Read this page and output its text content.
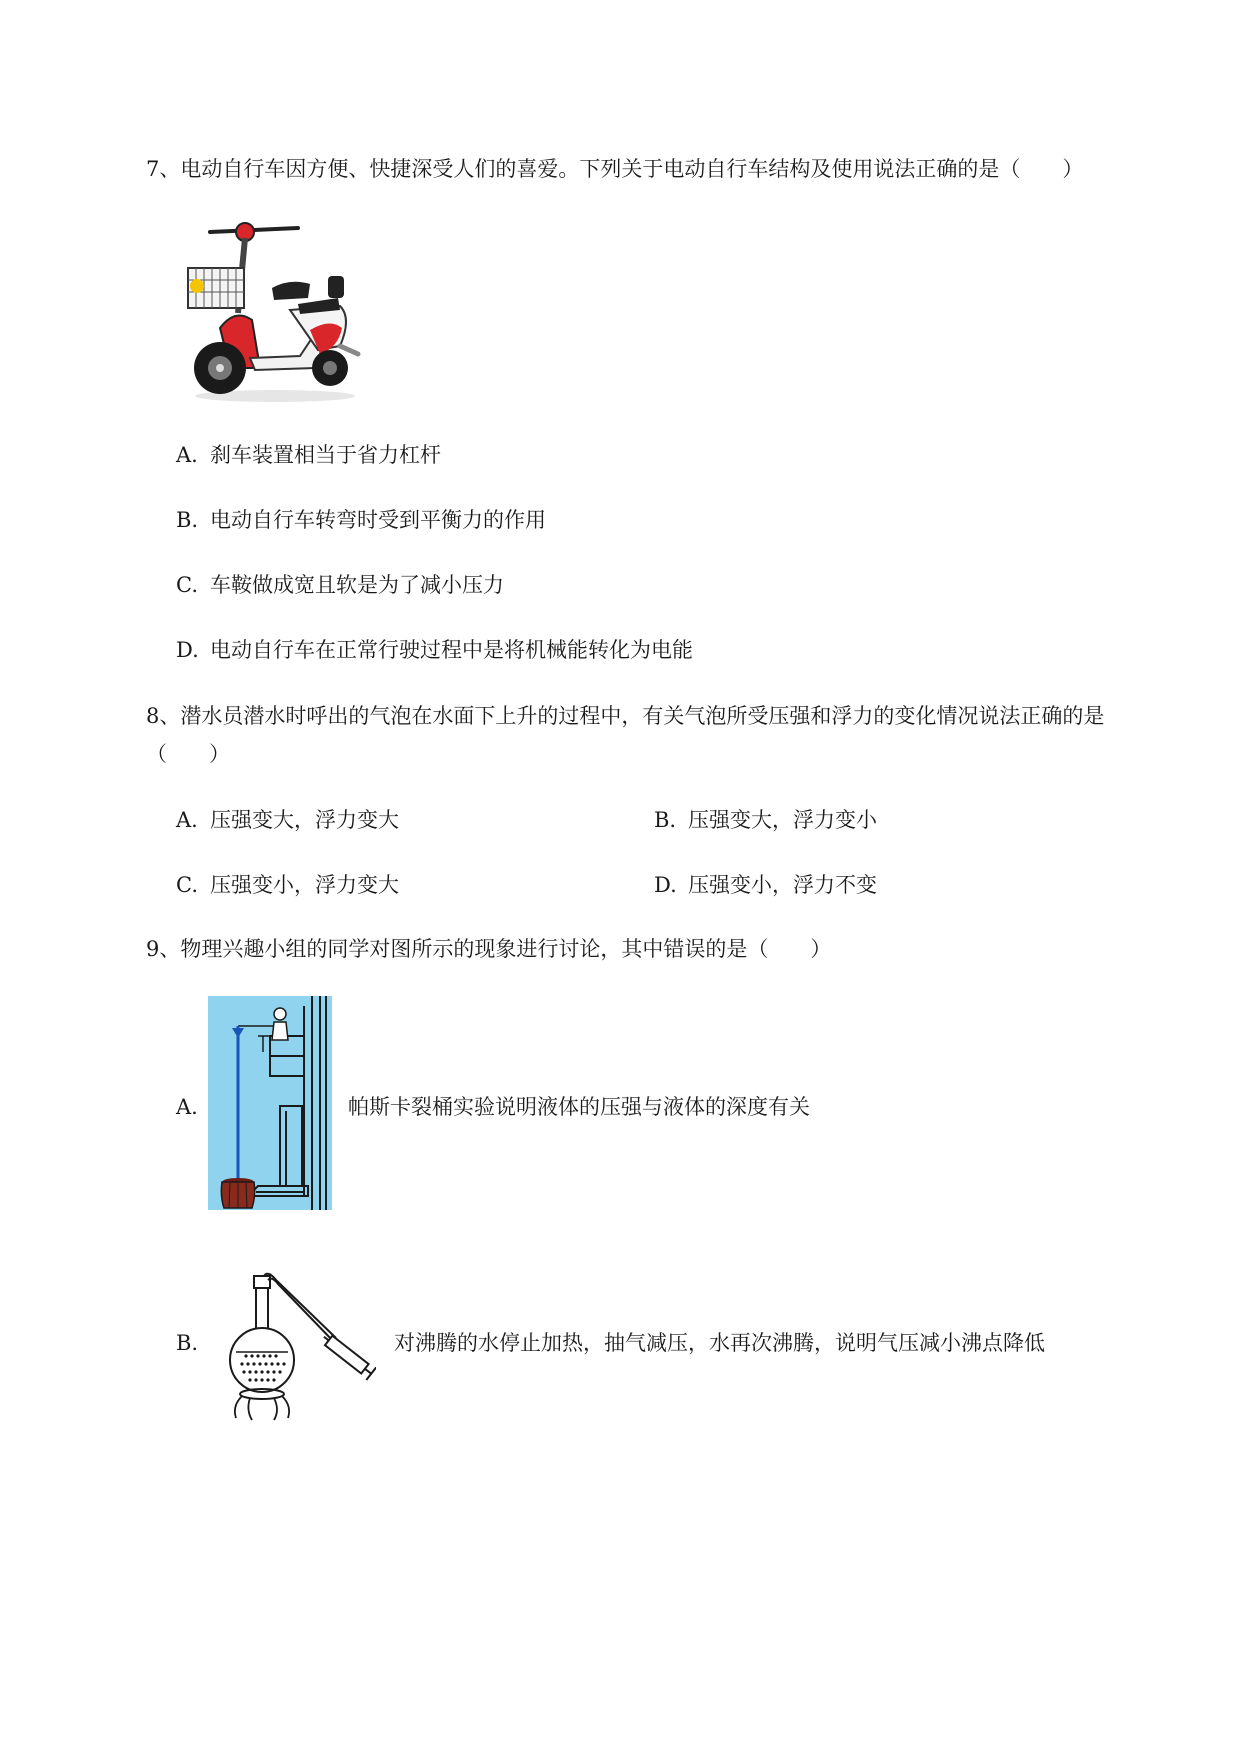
7、电动自行车因方便、快捷深受人们的喜爱。下列关于电动自行车结构及使用说法正确的是（　　）
A. 刹车装置相当于省力杠杆
B. 电动自行车转弯时受到平衡力的作用
C. 车鞍做成宽且软是为了减小压力
D. 电动自行车在正常行驶过程中是将机械能转化为电能
8、潜水员潜水时呼出的气泡在水面下上升的过程中，有关气泡所受压强和浮力的变化情况说法正确的是（　　）
A. 压强变大，浮力变大	B. 压强变大，浮力变小
C. 压强变小，浮力变大	D. 压强变小，浮力不变
9、物理兴趣小组的同学对图所示的现象进行讨论，其中错误的是（　　）
A.	帕斯卡裂桶实验说明液体的压强与液体的深度有关
B.	对沸腾的水停止加热，抽气减压，水再次沸腾，说明气压减小沸点降低
